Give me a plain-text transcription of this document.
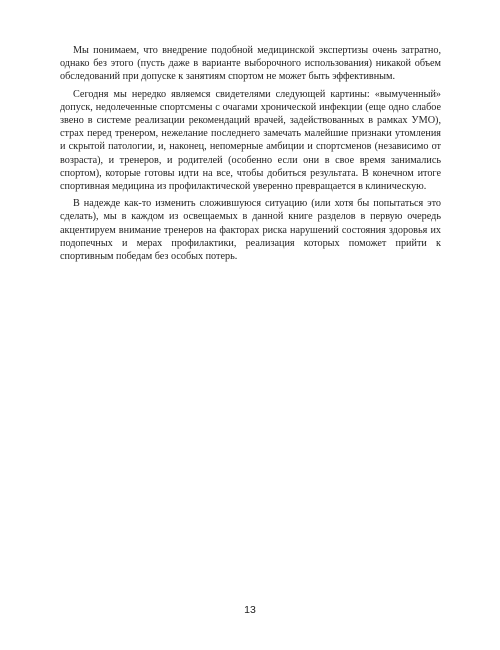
Мы понимаем, что внедрение подобной медицинской экспертизы очень затратно, однако без этого (пусть даже в варианте выборочного использования) никакой объем обследований при допуске к занятиям спортом не может быть эффективным.

Сегодня мы нередко являемся свидетелями следующей картины: «вымученный» допуск, недолеченные спортсмены с очагами хронической инфекции (еще одно слабое звено в системе реализации рекомендаций врачей, задействованных в рамках УМО), страх перед тренером, нежелание последнего замечать малейшие признаки утомления и скрытой патологии, и, наконец, непомерные амбиции и спортсменов (независимо от возраста), и тренеров, и родителей (особенно если они в свое время занимались спортом), которые готовы идти на все, чтобы добиться результата. В конечном итоге спортивная медицина из профилактической уверенно превращается в клиническую.

В надежде как-то изменить сложившуюся ситуацию (или хотя бы попытаться это сделать), мы в каждом из освещаемых в данной книге разделов в первую очередь акцентируем внимание тренеров на факторах риска нарушений состояния здоровья их подопечных и мерах профилактики, реализация которых поможет прийти к спортивным победам без особых потерь.

13
